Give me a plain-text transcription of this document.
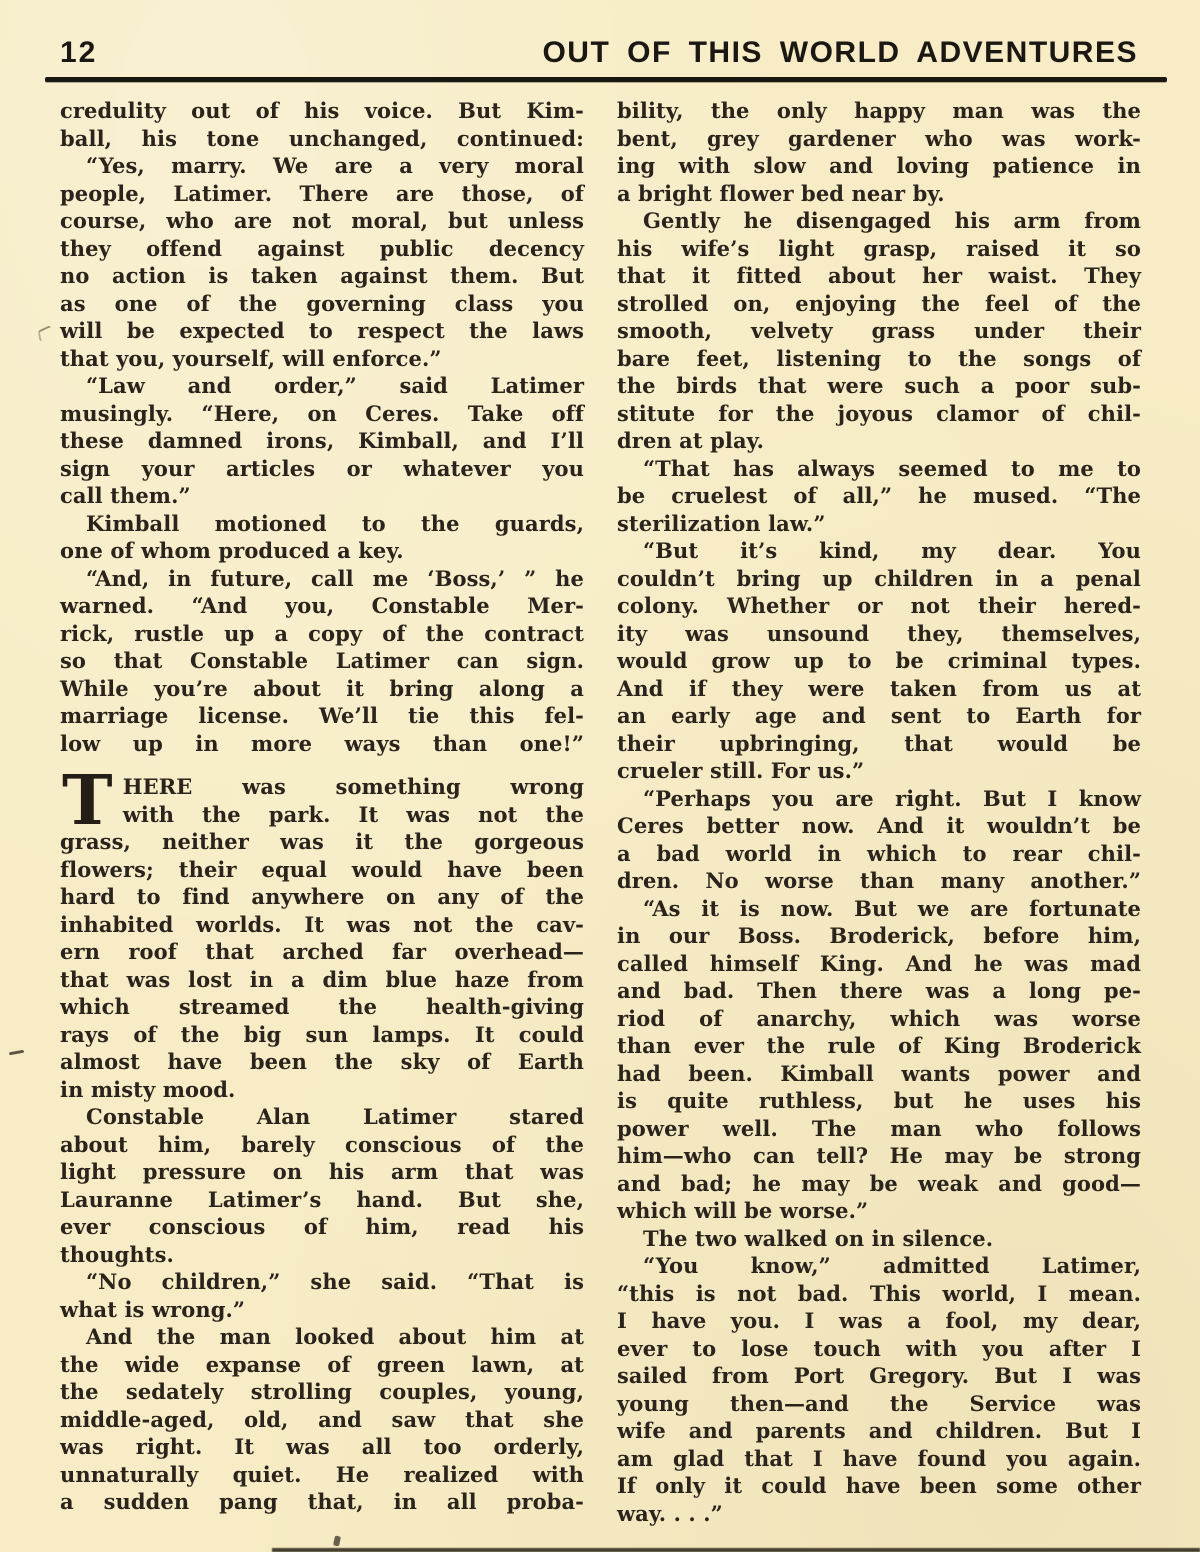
12	OUT OF THIS WORLD ADVENTURES
credulity out of his voice. But Kim-
ball, his tone unchanged, continued:
“Yes, marry. We are a very moral
people, Latimer. There are those, of
course, who are not moral, but unless
they offend against public decency
no action is taken against them. But
as one of the governing class you
will be expected to respect the laws
that you, yourself, will enforce.”
“Law and order,” said Latimer
musingly. “Here, on Ceres. Take off
these damned irons, Kimball, and I’ll
sign your articles or whatever you
call them.”
Kimball motioned to the guards,
one of whom produced a key.
“And, in future, call me ‘Boss,’ ” he
warned. “And you, Constable Mer-
rick, rustle up a copy of the contract
so that Constable Latimer can sign.
While you’re about it bring along a
marriage license. We’ll tie this fel-
low up in more ways than one!”
T HERE was something wrong
with the park. It was not the
grass, neither was it the gorgeous
flowers; their equal would have been
hard to find anywhere on any of the
inhabited worlds. It was not the cav-
ern roof that arched far overhead—
that was lost in a dim blue haze from
which streamed the health-giving
rays of the big sun lamps. It could
almost have been the sky of Earth
in misty mood.
Constable Alan Latimer stared
about him, barely conscious of the
light pressure on his arm that was
Lauranne Latimer’s hand. But she,
ever conscious of him, read his
thoughts.
“No children,” she said. “That is
what is wrong.”
And the man looked about him at
the wide expanse of green lawn, at
the sedately strolling couples, young,
middle-aged, old, and saw that she
was right. It was all too orderly,
unnaturally quiet. He realized with
a sudden pang that, in all proba-
bility, the only happy man was the
bent, grey gardener who was work-
ing with slow and loving patience in
a bright flower bed near by.
Gently he disengaged his arm from
his wife’s light grasp, raised it so
that it fitted about her waist. They
strolled on, enjoying the feel of the
smooth, velvety grass under their
bare feet, listening to the songs of
the birds that were such a poor sub-
stitute for the joyous clamor of chil-
dren at play.
“That has always seemed to me to
be cruelest of all,” he mused. “The
sterilization law.”
“But it’s kind, my dear. You
couldn’t bring up children in a penal
colony. Whether or not their hered-
ity was unsound they, themselves,
would grow up to be criminal types.
And if they were taken from us at
an early age and sent to Earth for
their upbringing, that would be
crueler still. For us.”
“Perhaps you are right. But I know
Ceres better now. And it wouldn’t be
a bad world in which to rear chil-
dren. No worse than many another.”
“As it is now. But we are fortunate
in our Boss. Broderick, before him,
called himself King. And he was mad
and bad. Then there was a long pe-
riod of anarchy, which was worse
than ever the rule of King Broderick
had been. Kimball wants power and
is quite ruthless, but he uses his
power well. The man who follows
him—who can tell? He may be strong
and bad; he may be weak and good—
which will be worse.”
The two walked on in silence.
“You know,” admitted Latimer,
“this is not bad. This world, I mean.
I have you. I was a fool, my dear,
ever to lose touch with you after I
sailed from Port Gregory. But I was
young then—and the Service was
wife and parents and children. But I
am glad that I have found you again.
If only it could have been some other
way. . . .”
